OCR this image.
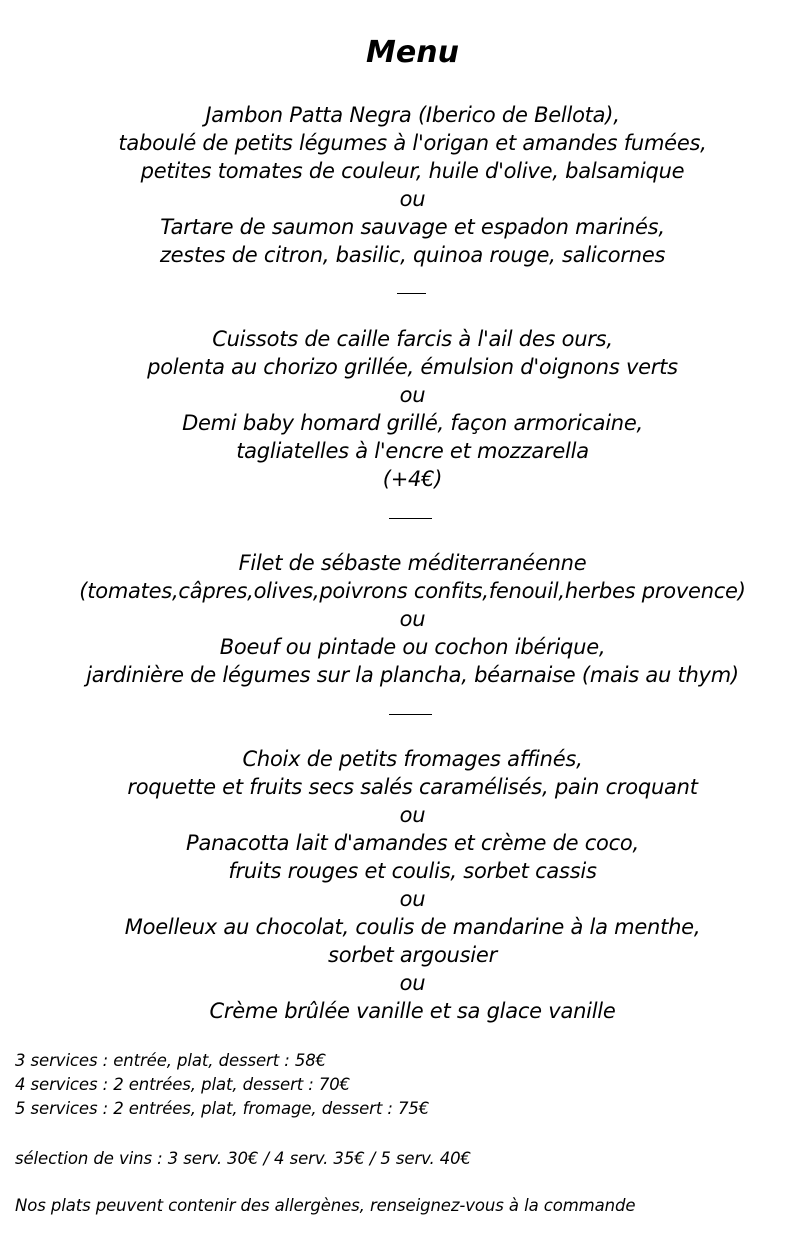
Menu
Jambon Patta Negra (Iberico de Bellota),
taboulé de petits légumes à l'origan et amandes fumées,
petites tomates de couleur, huile d'olive, balsamique
ou
Tartare de saumon sauvage et espadon marinés,
zestes de citron, basilic, quinoa rouge, salicornes
Cuissots de caille farcis à l'ail des ours,
polenta au chorizo grillée, émulsion d'oignons verts
ou
Demi baby homard grillé, façon armoricaine,
tagliatelles à l'encre et mozzarella
(+4€)
Filet de sébaste méditerranéenne
(tomates,câpres,olives,poivrons confits,fenouil,herbes provence)
ou
Boeuf ou pintade ou cochon ibérique,
jardinière de légumes sur la plancha, béarnaise (mais au thym)
Choix de petits fromages affinés,
roquette et fruits secs salés caramélisés, pain croquant
ou
Panacotta lait d'amandes et crème de coco,
fruits rouges et coulis, sorbet cassis
ou
Moelleux au chocolat, coulis de mandarine à la menthe,
sorbet argousier
ou
Crème brûlée vanille et sa glace vanille
3 services : entrée, plat, dessert : 58€
4 services : 2 entrées, plat, dessert : 70€
5 services : 2 entrées, plat, fromage, dessert : 75€
sélection de vins : 3 serv. 30€ / 4 serv. 35€ / 5 serv. 40€
Nos plats peuvent contenir des allergènes, renseignez-vous à la commande
